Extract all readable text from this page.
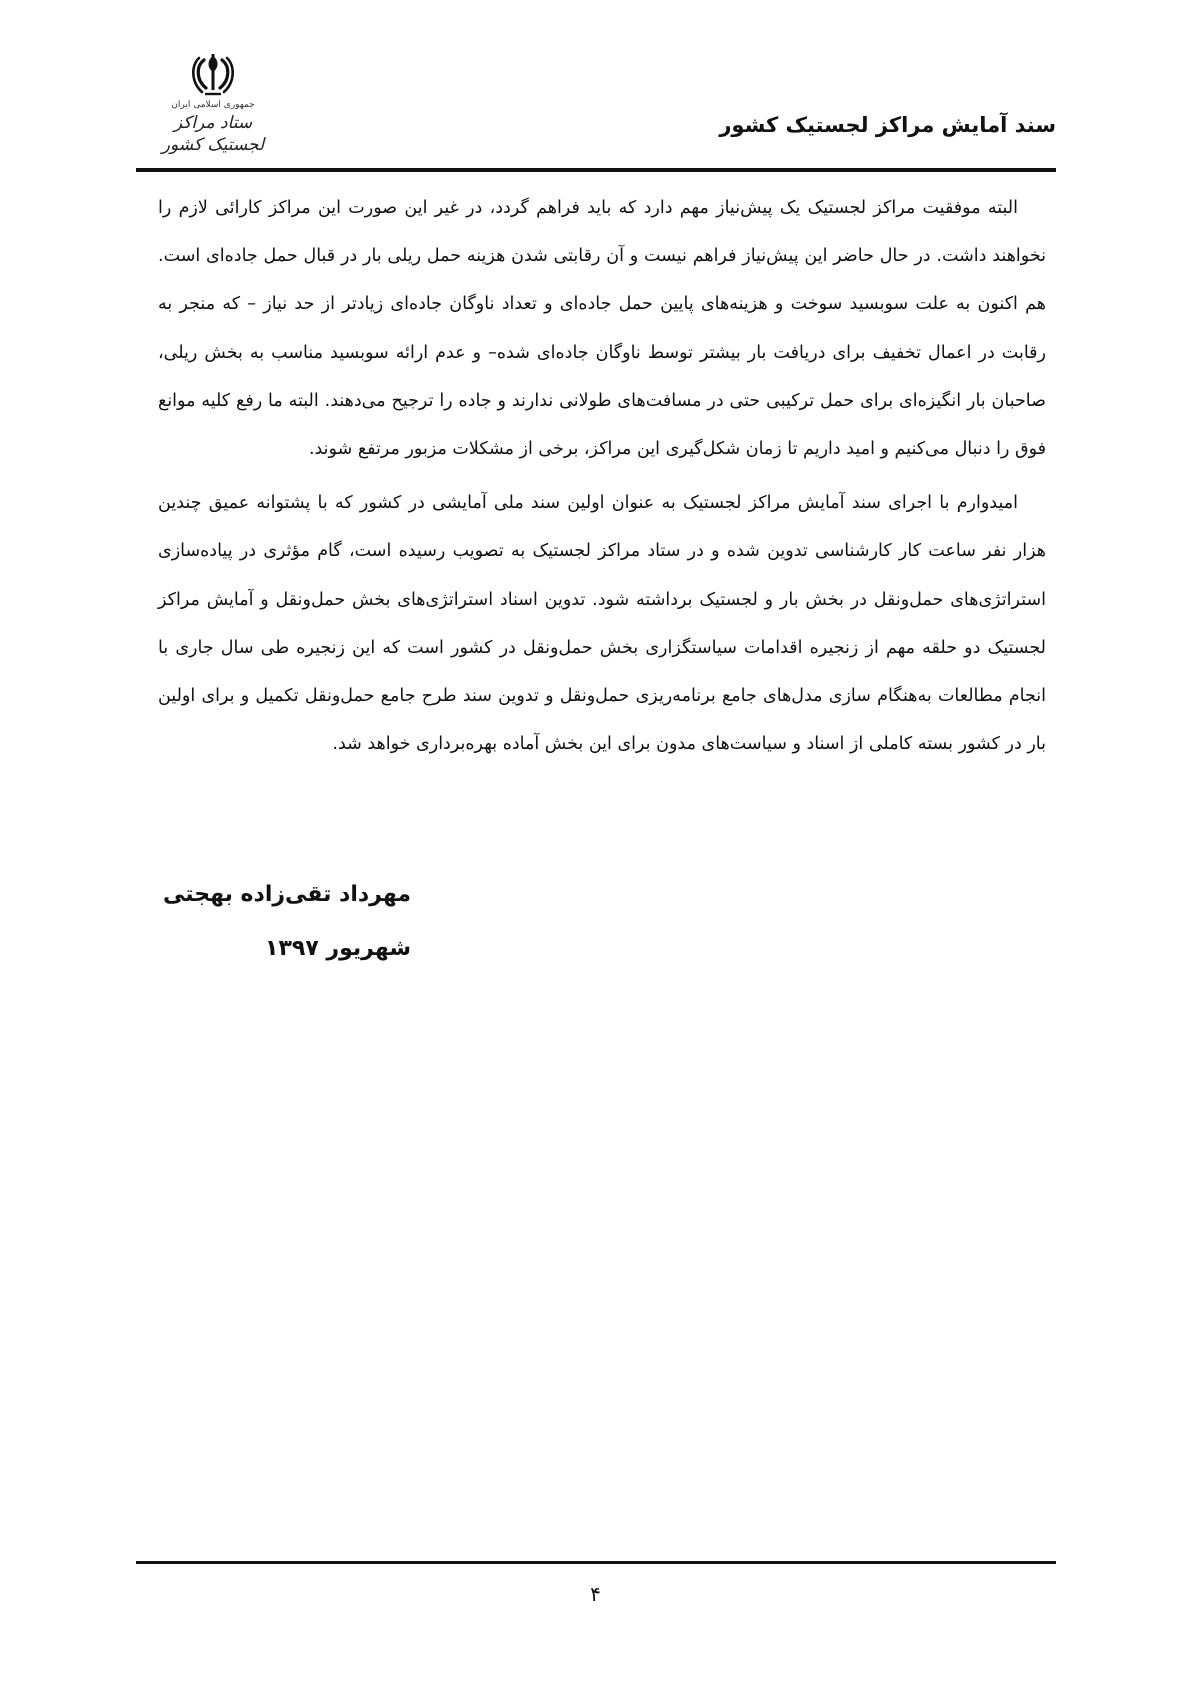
جمهوری اسلامی ایران
ستاد مراکز لجستیک کشور
سند آمایش مراکز لجستیک کشور

البته موفقیت مراکز لجستیک یک پیش‌نیاز مهم دارد که باید فراهم گردد، در غیر این صورت این مراکز کارائی لازم را نخواهند داشت. در حال حاضر این پیش‌نیاز فراهم نیست و آن رقابتی شدن هزینه حمل ریلی بار در قبال حمل جاده‌ای است. هم اکنون به علت سوبسید سوخت و هزینه‌های پایین حمل جاده‌ای و تعداد ناوگان جاده‌ای زیادتر از حد نیاز – که منجر به رقابت در اعمال تخفیف برای دریافت بار بیشتر توسط ناوگان جاده‌ای شده– و عدم ارائه سوبسید مناسب به بخش ریلی، صاحبان بار انگیزه‌ای برای حمل ترکیبی حتی در مسافت‌های طولانی ندارند و جاده را ترجیح می‌دهند. البته ما رفع کلیه موانع فوق را دنبال می‌کنیم و امید داریم تا زمان شکل‌گیری این مراکز، برخی از مشکلات مزبور مرتفع شوند.

امیدوارم با اجرای سند آمایش مراکز لجستیک به عنوان اولین سند ملی آمایشی در کشور که با پشتوانه عمیق چندین هزار نفر ساعت کار کارشناسی تدوین شده و در ستاد مراکز لجستیک به تصویب رسیده است، گام مؤثری در پیاده‌سازی استراتژی‌های حمل‌ونقل در بخش بار و لجستیک برداشته شود. تدوین اسناد استراتژی‌های بخش حمل‌ونقل و آمایش مراکز لجستیک دو حلقه مهم از زنجیره اقدامات سیاستگزاری بخش حمل‌ونقل در کشور است که این زنجیره طی سال جاری با انجام مطالعات به‌هنگام سازی مدل‌های جامع برنامه‌ریزی حمل‌ونقل و تدوین سند طرح جامع حمل‌ونقل تکمیل و برای اولین بار در کشور بسته کاملی از اسناد و سیاست‌های مدون برای این بخش آماده بهره‌برداری خواهد شد.

مهرداد تقی‌زاده بهجتی
شهریور ۱۳۹۷
۴
